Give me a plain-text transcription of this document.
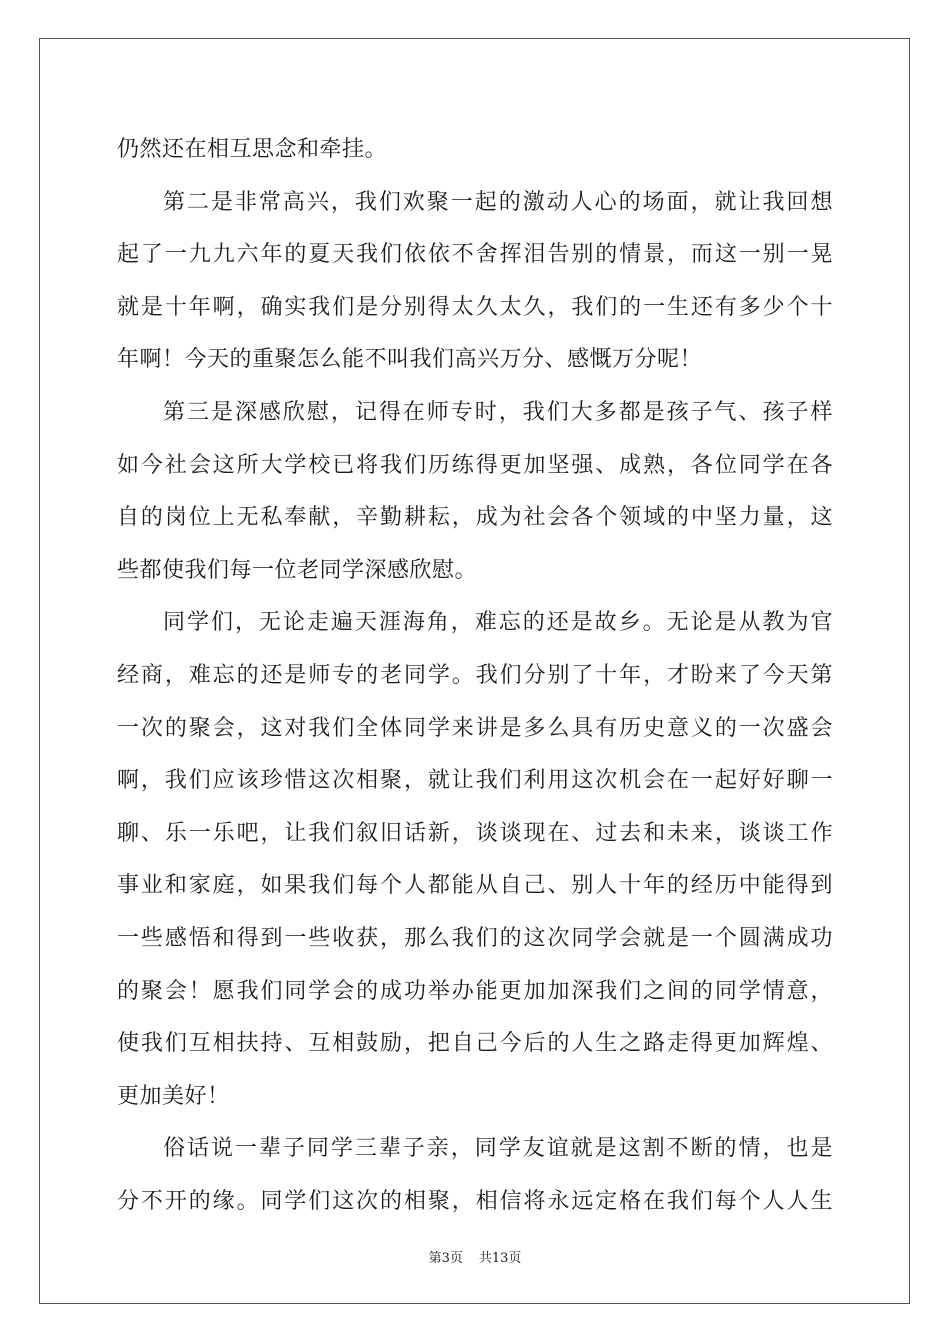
仍然还在相互思念和牵挂。
第二是非常高兴，我们欢聚一起的激动人心的场面，就让我回想
起了一九九六年的夏天我们依依不舍挥泪告别的情景，而这一别一晃
就是十年啊，确实我们是分别得太久太久，我们的一生还有多少个十
年啊！今天的重聚怎么能不叫我们高兴万分、感慨万分呢！
第三是深感欣慰，记得在师专时，我们大多都是孩子气、孩子样
如今社会这所大学校已将我们历练得更加坚强、成熟，各位同学在各
自的岗位上无私奉献，辛勤耕耘，成为社会各个领域的中坚力量，这
些都使我们每一位老同学深感欣慰。
同学们，无论走遍天涯海角，难忘的还是故乡。无论是从教为官
经商，难忘的还是师专的老同学。我们分别了十年，才盼来了今天第
一次的聚会，这对我们全体同学来讲是多么具有历史意义的一次盛会
啊，我们应该珍惜这次相聚，就让我们利用这次机会在一起好好聊一
聊、乐一乐吧，让我们叙旧话新，谈谈现在、过去和未来，谈谈工作
事业和家庭，如果我们每个人都能从自己、别人十年的经历中能得到
一些感悟和得到一些收获，那么我们的这次同学会就是一个圆满成功
的聚会！愿我们同学会的成功举办能更加加深我们之间的同学情意，
使我们互相扶持、互相鼓励，把自己今后的人生之路走得更加辉煌、
更加美好！
俗话说一辈子同学三辈子亲，同学友谊就是这割不断的情，也是
分不开的缘。同学们这次的相聚，相信将永远定格在我们每个人人生
第3页 共13页
